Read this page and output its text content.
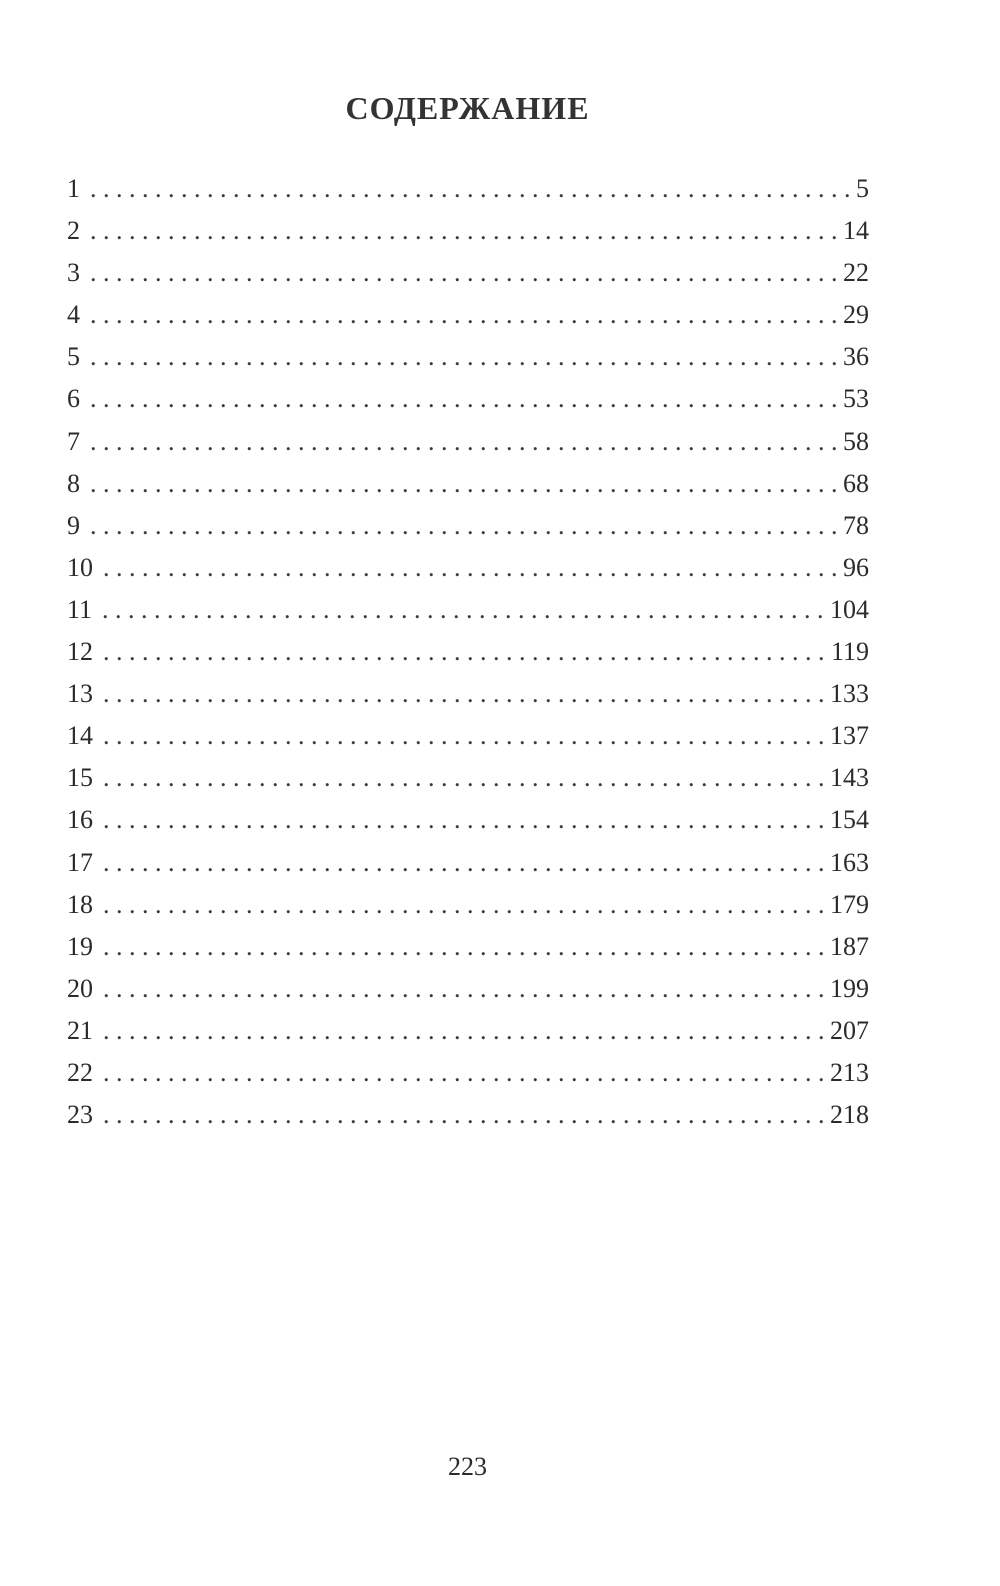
СОДЕРЖАНИЕ
1 . . .	5
2 . . .	14
3 . . .	22
4 . . .	29
5 . . .	36
6 . . .	53
7 . . .	58
8 . . .	68
9 . . .	78
10 . . .	96
11 . . .	104
12 . . .	119
13 . . .	133
14 . . .	137
15 . . .	143
16 . . .	154
17 . . .	163
18 . . .	179
19 . . .	187
20 . . .	199
21 . . .	207
22 . . .	213
23 . . .	218
223
